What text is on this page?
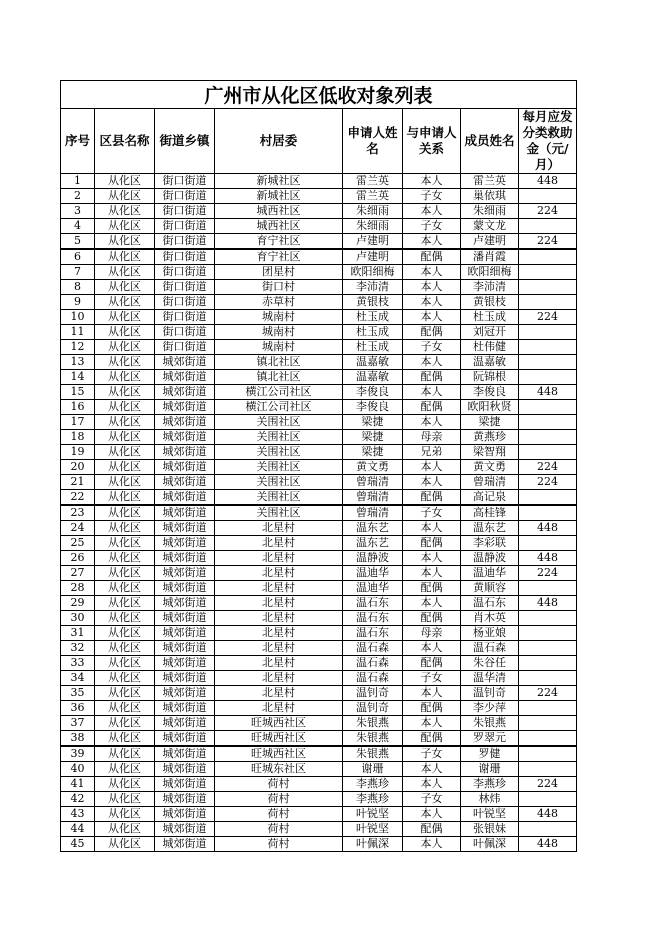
广州市从化区低收对象列表							
序号	区县名称	街道乡镇	村居委	申请人姓名	与申请人关系	成员姓名	每月应发分类救助金（元/月）
1	从化区	街口街道	新城社区	雷兰英	本人	雷兰英	448
2	从化区	街口街道	新城社区	雷兰英	子女	巢依琪	
3	从化区	街口街道	城西社区	朱细雨	本人	朱细雨	224
4	从化区	街口街道	城西社区	朱细雨	子女	蒙文龙	
5	从化区	街口街道	育宁社区	卢建明	本人	卢建明	224
6	从化区	街口街道	育宁社区	卢建明	配偶	潘肖霞	
7	从化区	街口街道	团星村	欧阳细梅	本人	欧阳细梅	
8	从化区	街口街道	街口村	李沛清	本人	李沛清	
9	从化区	街口街道	赤草村	黄银枝	本人	黄银枝	
10	从化区	街口街道	城南村	杜玉成	本人	杜玉成	224
11	从化区	街口街道	城南村	杜玉成	配偶	刘冠开	
12	从化区	街口街道	城南村	杜玉成	子女	杜伟健	
13	从化区	城郊街道	镇北社区	温嘉敏	本人	温嘉敏	
14	从化区	城郊街道	镇北社区	温嘉敏	配偶	阮锦根	
15	从化区	城郊街道	横江公司社区	李俊良	本人	李俊良	448
16	从化区	城郊街道	横江公司社区	李俊良	配偶	欧阳秋贤	
17	从化区	城郊街道	关围社区	梁捷	本人	梁捷	
18	从化区	城郊街道	关围社区	梁捷	母亲	黄燕珍	
19	从化区	城郊街道	关围社区	梁捷	兄弟	梁智翔	
20	从化区	城郊街道	关围社区	黄文勇	本人	黄文勇	224
21	从化区	城郊街道	关围社区	曾瑞清	本人	曾瑞清	224
22	从化区	城郊街道	关围社区	曾瑞清	配偶	高记泉	
23	从化区	城郊街道	关围社区	曾瑞清	子女	高桂锋	
24	从化区	城郊街道	北星村	温东艺	本人	温东艺	448
25	从化区	城郊街道	北星村	温东艺	配偶	李彩联	
26	从化区	城郊街道	北星村	温静波	本人	温静波	448
27	从化区	城郊街道	北星村	温迪华	本人	温迪华	224
28	从化区	城郊街道	北星村	温迪华	配偶	黄顺容	
29	从化区	城郊街道	北星村	温石东	本人	温石东	448
30	从化区	城郊街道	北星村	温石东	配偶	肖木英	
31	从化区	城郊街道	北星村	温石东	母亲	杨亚娘	
32	从化区	城郊街道	北星村	温石森	本人	温石森	
33	从化区	城郊街道	北星村	温石森	配偶	朱谷任	
34	从化区	城郊街道	北星村	温石森	子女	温华清	
35	从化区	城郊街道	北星村	温钊奇	本人	温钊奇	224
36	从化区	城郊街道	北星村	温钊奇	配偶	李少萍	
37	从化区	城郊街道	旺城西社区	朱银燕	本人	朱银燕	
38	从化区	城郊街道	旺城西社区	朱银燕	配偶	罗翠元	
39	从化区	城郊街道	旺城西社区	朱银燕	子女	罗健	
40	从化区	城郊街道	旺城东社区	谢珊	本人	谢珊	
41	从化区	城郊街道	荷村	李燕珍	本人	李燕珍	224
42	从化区	城郊街道	荷村	李燕珍	子女	林炜	
43	从化区	城郊街道	荷村	叶锐坚	本人	叶锐坚	448
44	从化区	城郊街道	荷村	叶锐坚	配偶	张银妹	
45	从化区	城郊街道	荷村	叶佩深	本人	叶佩深	448
